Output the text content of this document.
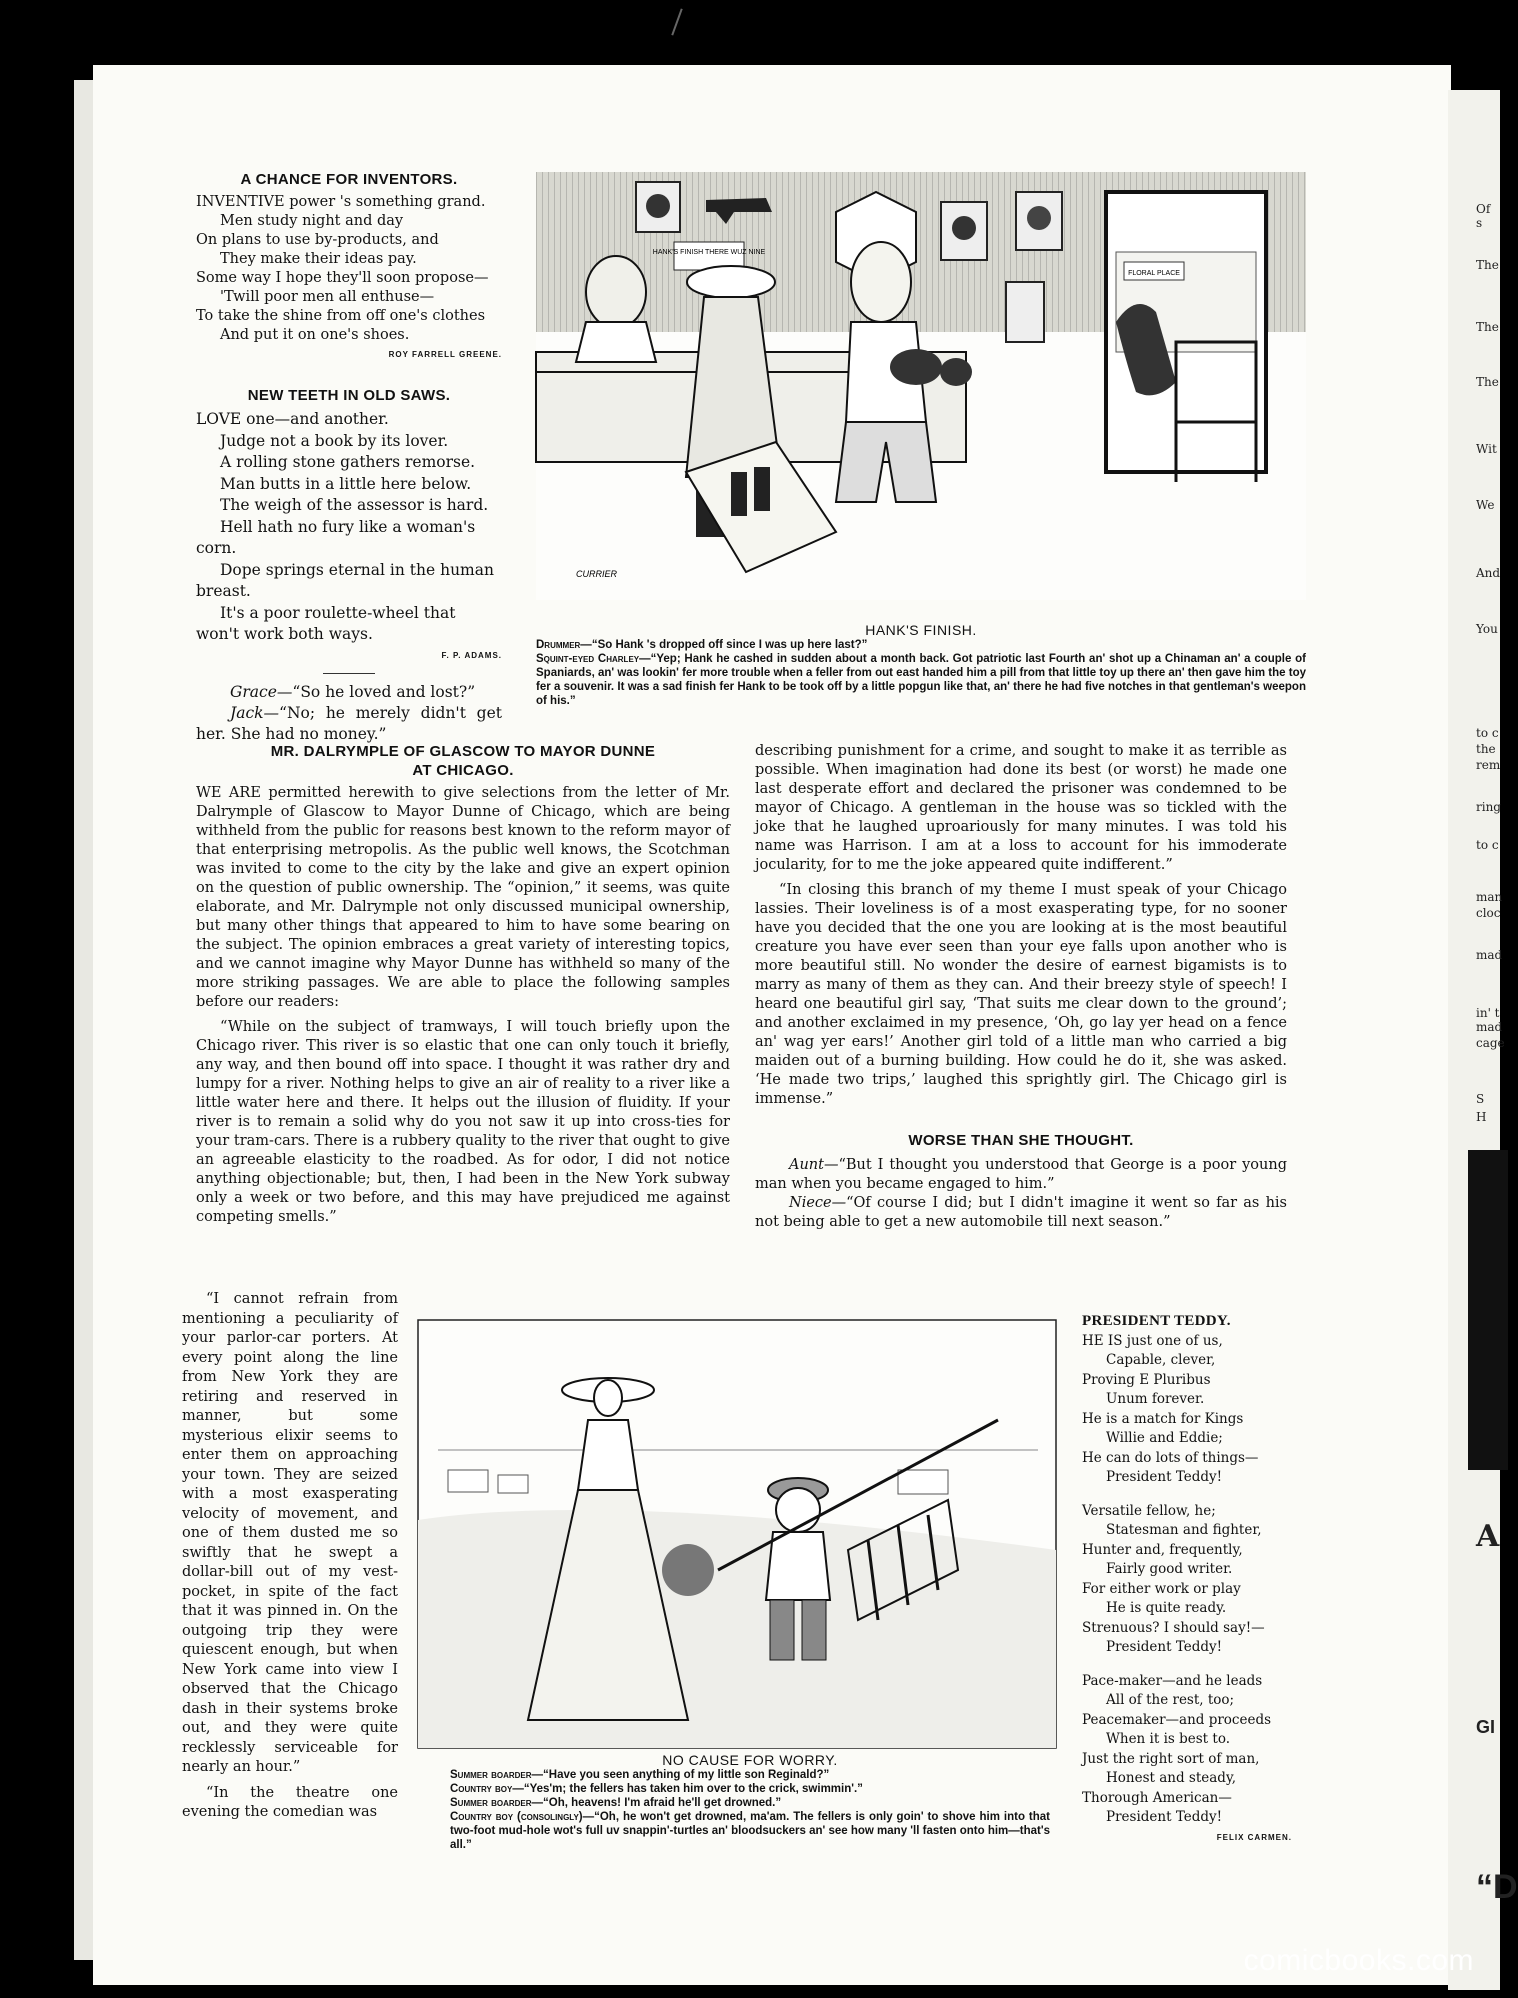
Of s
The
The
The
Wit
We
And
You
to c
the
rem
ring
to c
man
cloc
mad
in' t
mad
cage
S
H
A
GI
“D
A CHANCE FOR INVENTORS.

INVENTIVE power 's something grand.

Men study night and day

On plans to use by-products, and

They make their ideas pay.

Some way I hope they'll soon propose—

'Twill poor men all enthuse—

To take the shine from off one's clothes

And put it on one's shoes.

ROY FARRELL GREENE.
NEW TEETH IN OLD SAWS.

LOVE one—and another.

Judge not a book by its lover.

A rolling stone gathers remorse.

Man butts in a little here below.

The weigh of the assessor is hard.

Hell hath no fury like a woman's corn.

Dope springs eternal in the human breast.

It's a poor roulette-wheel that won't work both ways.

F. P. ADAMS.
Grace—“So he loved and lost?”
Jack—“No; he merely didn't get her. She had no money.”
HANK'S FINISH THERE WUZ NINE
FLORAL PLACE
CURRIER
HANK'S FINISH.

Drummer—“So Hank 's dropped off since I was up here last?”

Squint-eyed Charley—“Yep; Hank he cashed in sudden about a month back. Got patriotic last Fourth an' shot up a Chinaman an' a couple of Spaniards, an' was lookin' fer more trouble when a feller from out east handed him a pill from that little toy up there an' then gave him the toy fer a souvenir. It was a sad finish fer Hank to be took off by a little popgun like that, an' there he had five notches in that gentleman's weepon of his.”

MR. DALRYMPLE OF GLASCOW TO MAYOR DUNNE
AT CHICAGO.

WE ARE permitted herewith to give selections from the letter of Mr. Dalrymple of Glascow to Mayor Dunne of Chicago, which are being withheld from the public for reasons best known to the reform mayor of that enterprising metropolis. As the public well knows, the Scotchman was invited to come to the city by the lake and give an expert opinion on the question of public ownership. The “opinion,” it seems, was quite elaborate, and Mr. Dalrymple not only discussed municipal ownership, but many other things that appeared to him to have some bearing on the subject. The opinion embraces a great variety of interesting topics, and we cannot imagine why Mayor Dunne has withheld so many of the more striking passages. We are able to place the following samples before our readers:

“While on the subject of tramways, I will touch briefly upon the Chicago river. This river is so elastic that one can only touch it briefly, any way, and then bound off into space. I thought it was rather dry and lumpy for a river. Nothing helps to give an air of reality to a river like a little water here and there. It helps out the illusion of fluidity. If your river is to remain a solid why do you not saw it up into cross-ties for your tram-cars. There is a rubbery quality to the river that ought to give an agreeable elasticity to the roadbed. As for odor, I did not notice anything objectionable; but, then, I had been in the New York subway only a week or two before, and this may have prejudiced me against competing smells.”

“I cannot refrain from mentioning a peculiarity of your parlor-car porters. At every point along the line from New York they are retiring and reserved in manner, but some mysterious elixir seems to enter them on approaching your town. They are seized with a most exasperating velocity of movement, and one of them dusted me so swiftly that he swept a dollar-bill out of my vest-pocket, in spite of the fact that it was pinned in. On the outgoing trip they were quiescent enough, but when New York came into view I observed that the Chicago dash in their systems broke out, and they were quite recklessly serviceable for nearly an hour.”

“In the theatre one evening the comedian was

describing punishment for a crime, and sought to make it as terrible as possible. When imagination had done its best (or worst) he made one last desperate effort and declared the prisoner was condemned to be mayor of Chicago. A gentleman in the house was so tickled with the joke that he laughed uproariously for many minutes. I was told his name was Harrison. I am at a loss to account for his immoderate jocularity, for to me the joke appeared quite indifferent.”

“In closing this branch of my theme I must speak of your Chicago lassies. Their loveliness is of a most exasperating type, for no sooner have you decided that the one you are looking at is the most beautiful creature you have ever seen than your eye falls upon another who is more beautiful still. No wonder the desire of earnest bigamists is to marry as many of them as they can. And their breezy style of speech! I heard one beautiful girl say, ‘That suits me clear down to the ground’; and another exclaimed in my presence, ‘Oh, go lay yer head on a fence an' wag yer ears!’ Another girl told of a little man who carried a big maiden out of a burning building. How could he do it, she was asked. ‘He made two trips,’ laughed this sprightly girl. The Chicago girl is immense.”

WORSE THAN SHE THOUGHT.
Aunt—“But I thought you understood that George is a poor young man when you became engaged to him.”
Niece—“Of course I did; but I didn't imagine it went so far as his not being able to get a new automobile till next season.”
NO CAUSE FOR WORRY.

Summer boarder—“Have you seen anything of my little son Reginald?”

Country boy—“Yes'm; the fellers has taken him over to the crick, swimmin'.”

Summer boarder—“Oh, heavens! I'm afraid he'll get drowned.”

Country boy (consolingly)—“Oh, he won't get drowned, ma'am. The fellers is only goin' to shove him into that two-foot mud-hole wot's full uv snappin'-turtles an' bloodsuckers an' see how many 'll fasten onto him—that's all.”

PRESIDENT TEDDY.

HE IS just one of us,

Capable, clever,

Proving E Pluribus

Unum forever.

He is a match for Kings

Willie and Eddie;

He can do lots of things—

President Teddy!

Versatile fellow, he;

Statesman and fighter,

Hunter and, frequently,

Fairly good writer.

For either work or play

He is quite ready.

Strenuous? I should say!—

President Teddy!

Pace-maker—and he leads

All of the rest, too;

Peacemaker—and proceeds

When it is best to.

Just the right sort of man,

Honest and steady,

Thorough American—

President Teddy!

FELIX CARMEN.
comicbooks.com
